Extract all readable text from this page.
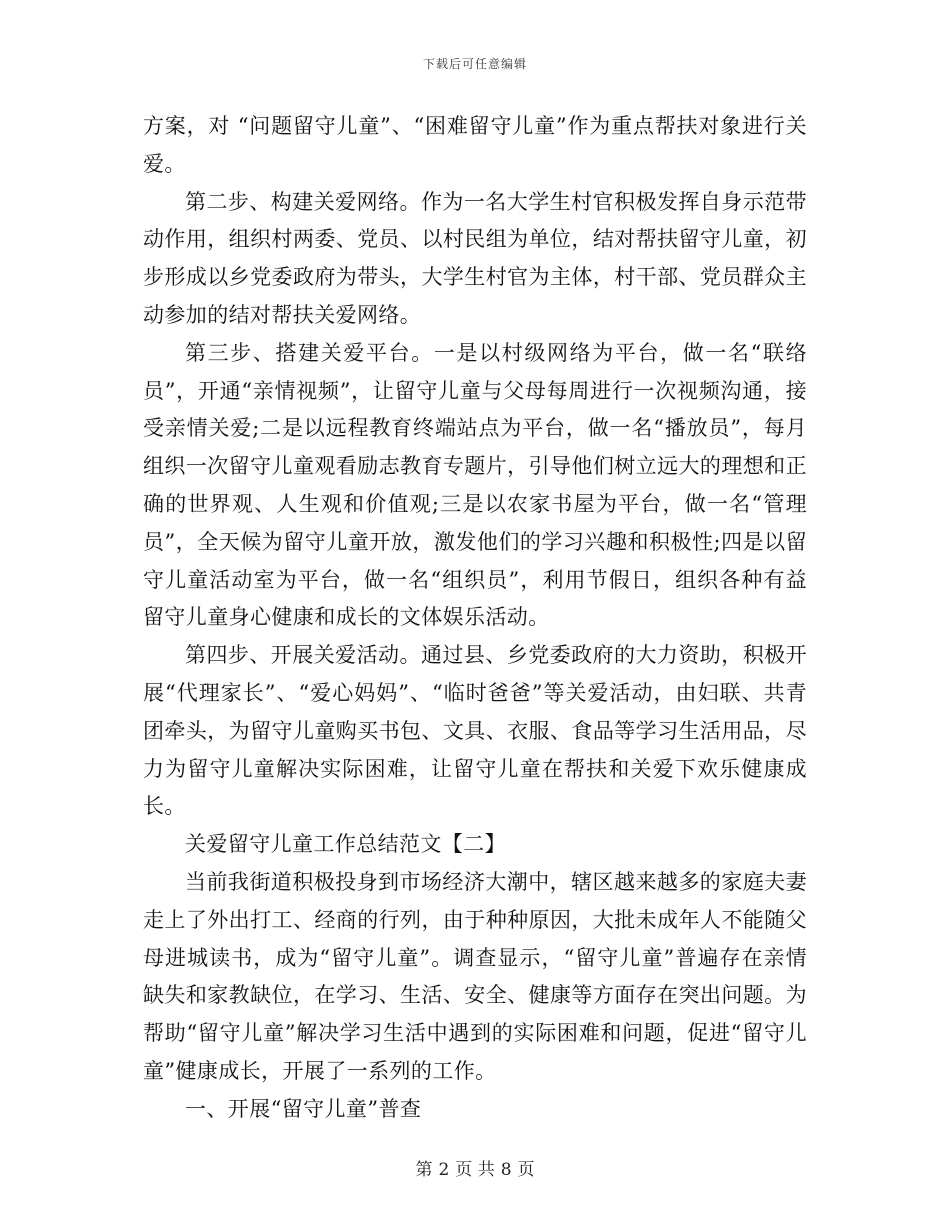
下载后可任意编辑

方案，对 “问题留守儿童”、“困难留守儿童”作为重点帮扶对象进行关爱。

第二步、构建关爱网络。作为一名大学生村官积极发挥自身示范带动作用，组织村两委、党员、以村民组为单位，结对帮扶留守儿童，初步形成以乡党委政府为带头，大学生村官为主体，村干部、党员群众主动参加的结对帮扶关爱网络。

第三步、搭建关爱平台。一是以村级网络为平台，做一名“联络员”，开通“亲情视频”，让留守儿童与父母每周进行一次视频沟通，接受亲情关爱;二是以远程教育终端站点为平台，做一名“播放员”，每月组织一次留守儿童观看励志教育专题片，引导他们树立远大的理想和正确的世界观、人生观和价值观;三是以农家书屋为平台，做一名“管理员”，全天候为留守儿童开放，激发他们的学习兴趣和积极性;四是以留守儿童活动室为平台，做一名“组织员”，利用节假日，组织各种有益留守儿童身心健康和成长的文体娱乐活动。

第四步、开展关爱活动。通过县、乡党委政府的大力资助，积极开展“代理家长”、“爱心妈妈”、“临时爸爸”等关爱活动，由妇联、共青团牵头，为留守儿童购买书包、文具、衣服、食品等学习生活用品，尽力为留守儿童解决实际困难，让留守儿童在帮扶和关爱下欢乐健康成长。

关爱留守儿童工作总结范文【二】

当前我街道积极投身到市场经济大潮中，辖区越来越多的家庭夫妻走上了外出打工、经商的行列，由于种种原因，大批未成年人不能随父母进城读书，成为“留守儿童”。调查显示，“留守儿童”普遍存在亲情缺失和家教缺位，在学习、生活、安全、健康等方面存在突出问题。为帮助“留守儿童”解决学习生活中遇到的实际困难和问题，促进“留守儿童”健康成长，开展了一系列的工作。

一、开展“留守儿童”普查

第 2 页 共 8 页
